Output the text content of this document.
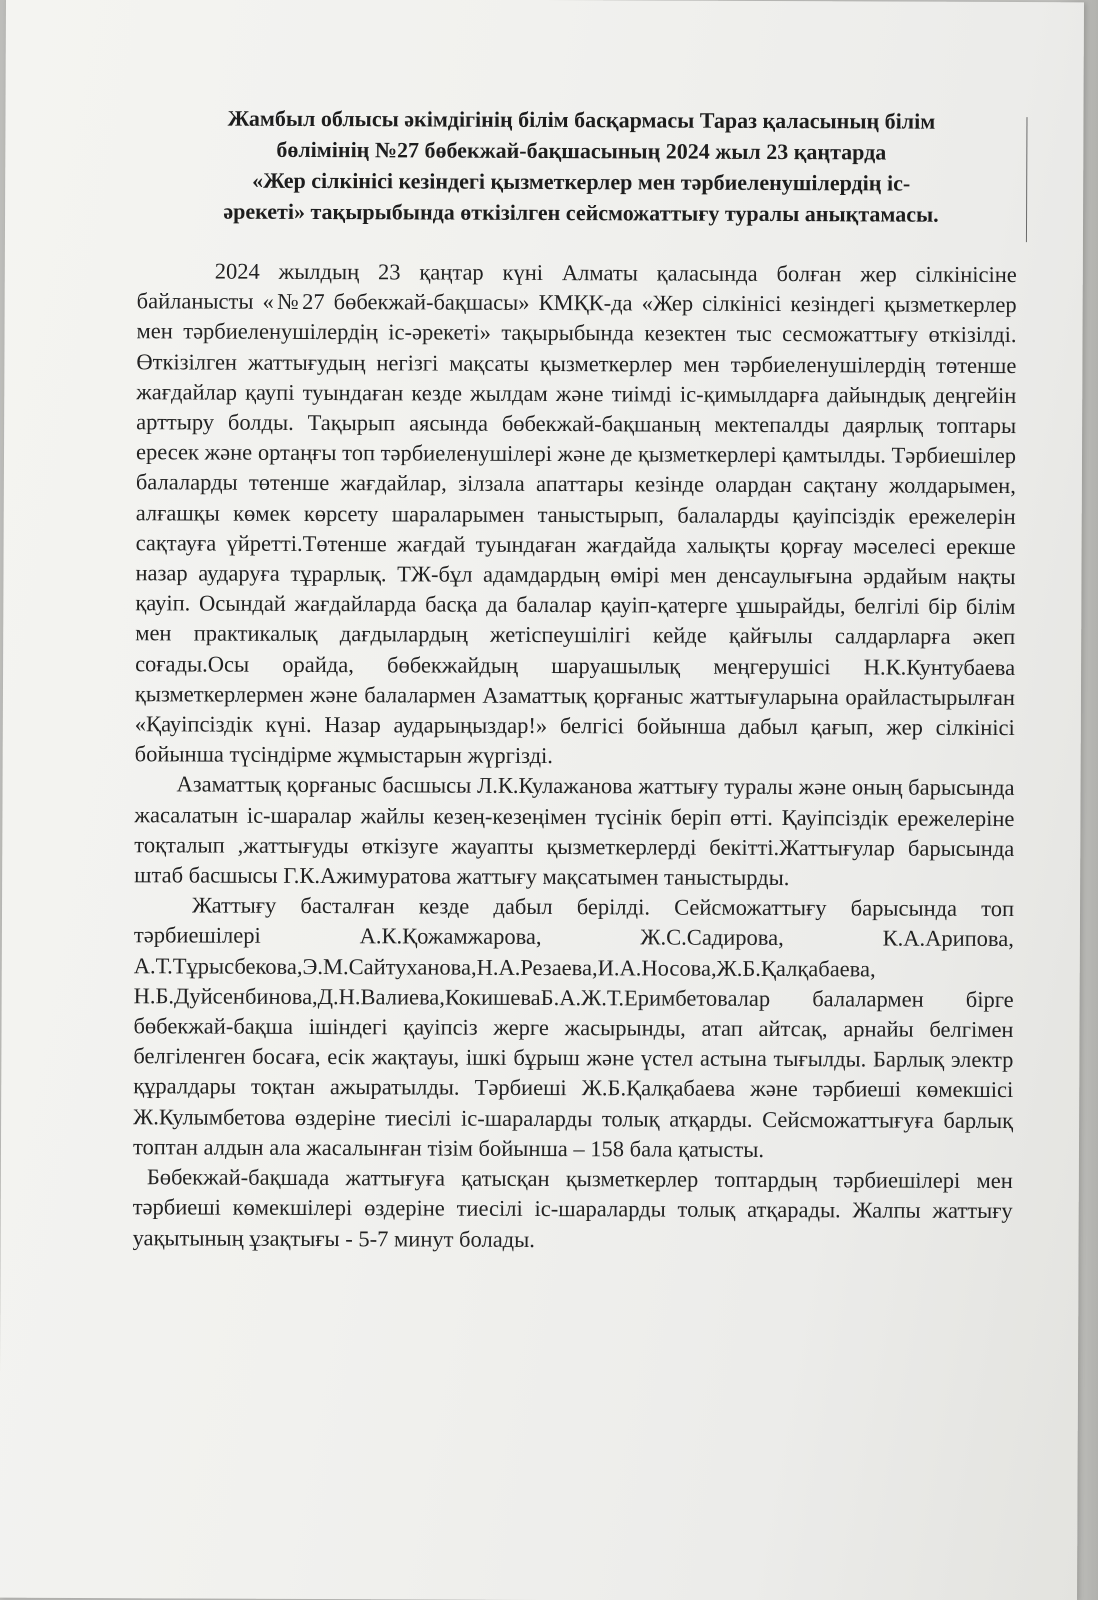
Жамбыл облысы әкімдігінің білім басқармасы Тараз қаласының білім
бөлімінің №27 бөбекжай-бақшасының 2024 жыл 23 қаңтарда
«Жер сілкінісі кезіндегі қызметкерлер мен тәрбиеленушілердің іс-
әрекеті» тақырыбында өткізілген сейсможаттығу туралы анықтамасы.

2024 жылдың 23 қаңтар күні Алматы қаласында болған жер сілкінісіне байланысты «№27 бөбекжай-бақшасы» КМҚК-да «Жер сілкінісі кезіндегі қызметкерлер мен тәрбиеленушілердің іс-әрекеті» тақырыбында кезектен тыс сесможаттығу өткізілді. Өткізілген жаттығудың негізгі мақсаты қызметкерлер мен тәрбиеленушілердің төтенше жағдайлар қаупі туындаған кезде жылдам және тиімді іс-қимылдарға дайындық деңгейін арттыру болды. Тақырып аясында бөбекжай-бақшаның мектепалды даярлық топтары ересек және ортаңғы топ тәрбиеленушілері және де қызметкерлері қамтылды. Тәрбиешілер балаларды төтенше жағдайлар, зілзала апаттары кезінде олардан сақтану жолдарымен, алғашқы көмек көрсету шараларымен таныстырып, балаларды қауіпсіздік ережелерін сақтауға үйретті.Төтенше жағдай туындаған жағдайда халықты қорғау мәселесі ерекше назар аударуға тұрарлық. ТЖ-бұл адамдардың өмірі мен денсаулығына әрдайым нақты қауіп. Осындай жағдайларда басқа да балалар қауіп-қатерге ұшырайды, белгілі бір білім мен практикалық дағдылардың жетіспеушілігі кейде қайғылы салдарларға әкеп соғады.Осы орайда, бөбекжайдың шаруашылық меңгерушісі Н.К.Кунтубаева қызметкерлермен және балалармен Азаматтық қорғаныс жаттығуларына орайластырылған «Қауіпсіздік күні. Назар аударыңыздар!» белгісі бойынша дабыл қағып, жер сілкінісі бойынша түсіндірме жұмыстарын жүргізді.

Азаматтық қорғаныс басшысы Л.К.Кулажанова жаттығу туралы және оның барысында жасалатын іс-шаралар жайлы кезең-кезеңімен түсінік беріп өтті. Қауіпсіздік ережелеріне тоқталып ,жаттығуды өткізуге жауапты қызметкерлерді бекітті.Жаттығулар барысында штаб басшысы Г.К.Ажимуратова жаттығу мақсатымен таныстырды.

Жаттығу басталған кезде дабыл берілді. Сейсможаттығу барысында топ тәрбиешілері А.К.Қожамжарова, Ж.С.Садирова, К.А.Арипова, А.Т.Тұрысбекова,Э.М.Сайтуханова,Н.А.Резаева,И.А.Носова,Ж.Б.Қалқабаева, Н.Б.Дуйсенбинова,Д.Н.Валиева,КокишеваБ.А.Ж.Т.Еримбетовалар балалармен бірге бөбекжай-бақша ішіндегі қауіпсіз жерге жасырынды, атап айтсақ, арнайы белгімен белгіленген босаға, есік жақтауы, ішкі бұрыш және үстел астына тығылды. Барлық электр құралдары тоқтан ажыратылды. Тәрбиеші Ж.Б.Қалқабаева және тәрбиеші көмекшісі Ж.Кулымбетова өздеріне тиесілі іс-шараларды толық атқарды. Сейсможаттығуға барлық топтан алдын ала жасалынған тізім бойынша – 158 бала қатысты.

Бөбекжай-бақшада жаттығуға қатысқан қызметкерлер топтардың тәрбиешілері мен тәрбиеші көмекшілері өздеріне тиесілі іс-шараларды толық атқарады. Жалпы жаттығу уақытының ұзақтығы - 5-7 минут болады.
